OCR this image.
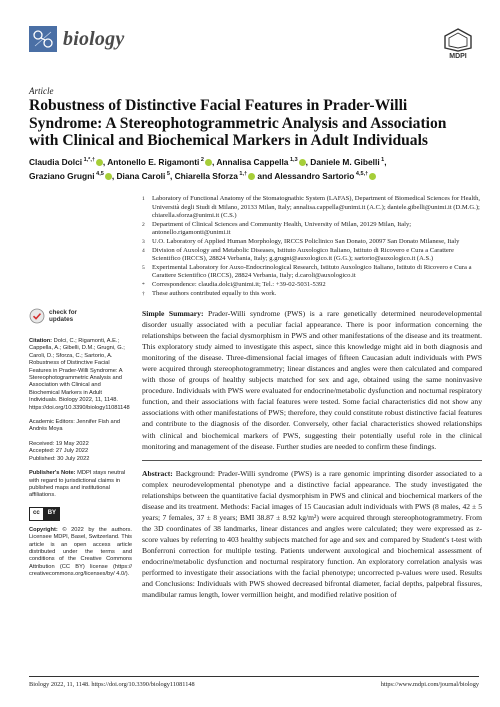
biology
MDPI
Article
Robustness of Distinctive Facial Features in Prader-Willi Syndrome: A Stereophotogrammetric Analysis and Association with Clinical and Biochemical Markers in Adult Individuals
Claudia Dolci $^{1,*,\dagger}$ , Antonello E. Rigamonti $^2$ , Annalisa Cappella $^{1,3}$ , Daniele M. Gibelli $^1$,
Graziano Grugni $^{4,5}$ , Diana Caroli $^5$, Chiarella Sforza $^{1,\dagger}$ and Alessandro Sartorio $^{4,5,\dagger}$
1	Laboratory of Functional Anatomy of the Stomatognathic System (LAFAS), Department of Biomedical Sciences for Health, Università degli Studi di Milano, 20133 Milan, Italy; annalisa.cappella@unimi.it (A.C.); daniele.gibelli@unimi.it (D.M.G.); chiarella.sforza@unimi.it (C.S.)
2	Department of Clinical Sciences and Community Health, University of Milan, 20129 Milan, Italy; antonello.rigamonti@unimi.it
3	U.O. Laboratory of Applied Human Morphology, IRCCS Policlinico San Donato, 20097 San Donato Milanese, Italy
4	Division of Auxology and Metabolic Diseases, Istituto Auxologico Italiano, Istituto di Ricovero e Cura a Carattere Scientifico (IRCCS), 28824 Verbania, Italy; g.grugni@auxologico.it (G.G.); sartorio@auxologico.it (A.S.)
5	Experimental Laboratory for Auxo-Endocrinological Research, Istituto Auxologico Italiano, Istituto di Ricovero e Cura a Carattere Scientifico (IRCCS), 28824 Verbania, Italy; d.caroli@auxologico.it
*	Correspondence: claudia.dolci@unimi.it; Tel.: +39-02-5031-5392
†	These authors contributed equally to this work.
check for
updates
Citation: Dolci, C.; Rigamonti, A.E.; Cappella, A.; Gibelli, D.M.; Grugni, G.; Caroli, D.; Sforza, C.; Sartorio, A. Robustness of Distinctive Facial Features in Prader-Willi Syndrome: A Stereophotogrammetric Analysis and Association with Clinical and Biochemical Markers in Adult Individuals. Biology 2022, 11, 1148. https://doi.org/10.3390/biology11081148
Academic Editors: Jennifer Fish and Andrés Moya
Received: 19 May 2022
Accepted: 27 July 2022
Published: 30 July 2022
Publisher's Note: MDPI stays neutral with regard to jurisdictional claims in published maps and institutional affiliations.
cc	BY
Copyright: © 2022 by the authors. Licensee MDPI, Basel, Switzerland. This article is an open access article distributed under the terms and conditions of the Creative Commons Attribution (CC BY) license (https:// creativecommons.org/licenses/by/ 4.0/).
Simple Summary: Prader-Willi syndrome (PWS) is a rare genetically determined neurodevelopmental disorder usually associated with a peculiar facial appearance. There is poor information concerning the relationships between the facial dysmorphism in PWS and other manifestations of the disease and its treatment. This exploratory study aimed to investigate this aspect, since this knowledge might aid in both diagnosis and monitoring of the disease. Three-dimensional facial images of fifteen Caucasian adult individuals with PWS were acquired through stereophotogrammetry; linear distances and angles were then calculated and compared with those of groups of healthy subjects matched for sex and age, obtained using the same noninvasive procedure. Individuals with PWS were evaluated for endocrine/metabolic dysfunction and nocturnal respiratory function, and their associations with facial features were tested. Some facial characteristics did not show any associations with other manifestations of PWS; therefore, they could constitute robust distinctive facial features and contribute to the diagnosis of the disorder. Conversely, other facial characteristics showed relationships with clinical and biochemical markers of PWS, suggesting their potentially useful role in the clinical monitoring and management of the disease. Further studies are needed to confirm these findings.
Abstract: Background: Prader-Willi syndrome (PWS) is a rare genomic imprinting disorder associated to a complex neurodevelopmental phenotype and a distinctive facial appearance. The study investigated the relationships between the quantitative facial dysmorphism in PWS and clinical and biochemical markers of the disease and its treatment. Methods: Facial images of 15 Caucasian adult individuals with PWS (8 males, 42 ± 5 years; 7 females, 37 ± 8 years; BMI 38.87 ± 8.92 kg/m²) were acquired through stereophotogrammetry. From the 3D coordinates of 38 landmarks, linear distances and angles were calculated; they were expressed as z-score values by referring to 403 healthy subjects matched for age and sex and compared by Student's t-test with Bonferroni correction for multiple testing. Patients underwent auxological and biochemical assessment of endocrine/metabolic dysfunction and nocturnal respiratory function. An exploratory correlation analysis was performed to investigate their associations with the facial phenotype; uncorrected p-values were used. Results and Conclusions: Individuals with PWS showed decreased bifrontal diameter, facial depths, palpebral fissures, mandibular ramus length, lower vermillion height, and modified relative position of
Biology 2022, 11, 1148. https://doi.org/10.3390/biology11081148	https://www.mdpi.com/journal/biology
